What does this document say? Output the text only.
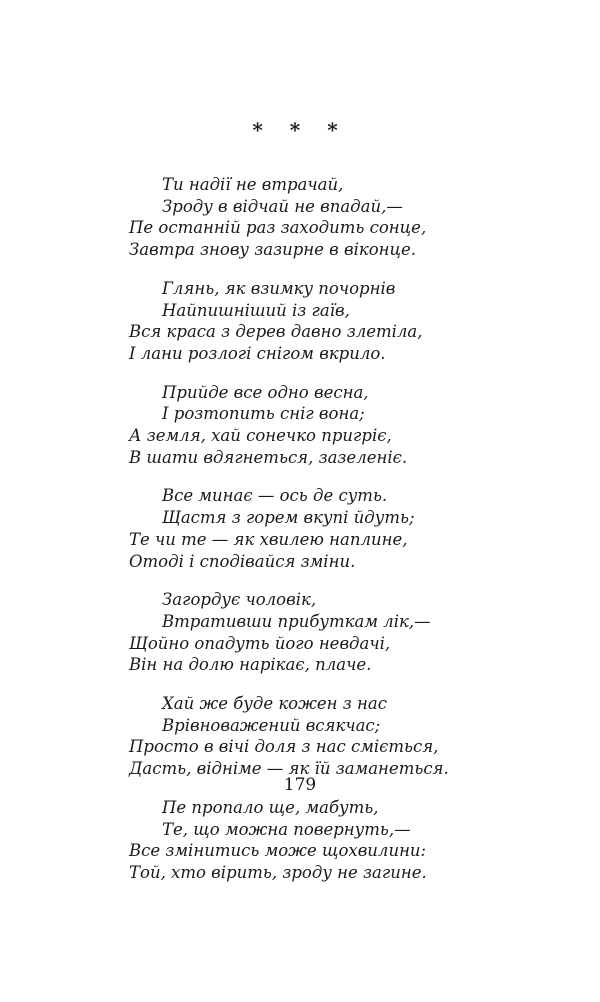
* * *
Ти надії не втрачай,
Зроду в відчай не впадай,—
Пе останній раз заходить сонце,
Завтра знову зазирне в віконце.
Глянь, як взимку почорнів
Найпишніший із гаїв,
Вся краса з дерев давно злетіла,
І лани розлогі снігом вкрило.
Прийде все одно весна,
І розтопить сніг вона;
А земля, хай сонечко пригріє,
В шати вдягнеться, зазеленіє.
Все минає — ось де суть.
Щастя з горем вкупі йдуть;
Те чи те — як хвилею наплине,
Отоді і сподівайся зміни.
Загордує чоловік,
Втративши прибуткам лік,—
Щойно опадуть його невдачі,
Він на долю нарікає, плаче.
Хай же буде кожен з нас
Врівноважений всякчас;
Просто в вічі доля з нас сміється,
Дасть, відніме — як їй заманеться.
Пе пропало ще, мабуть,
Те, що можна повернуть,—
Все змінитись може щохвилини:
Той, хто вірить, зроду не загине.
179
